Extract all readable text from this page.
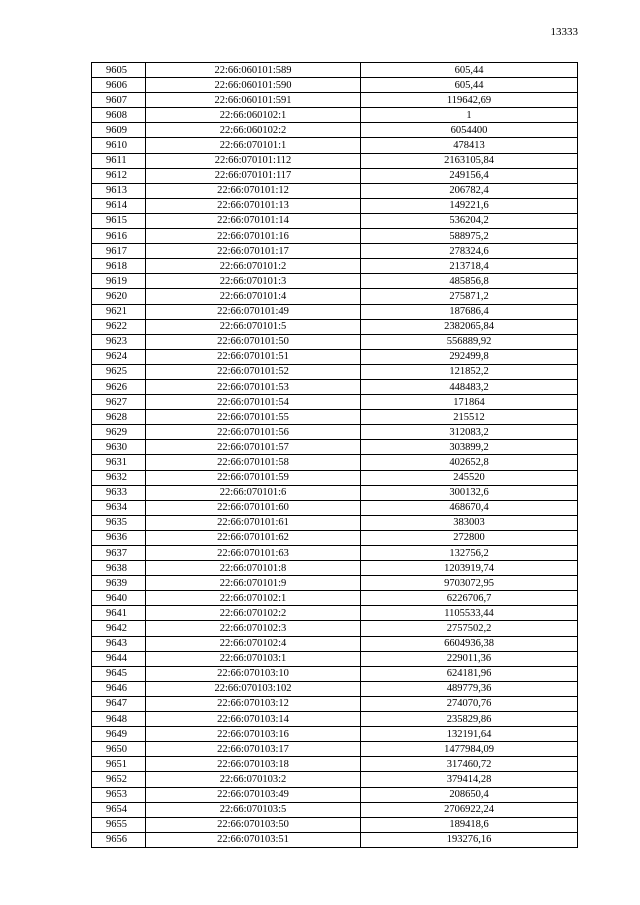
13333
9605	22:66:060101:589	605,44
9606	22:66:060101:590	605,44
9607	22:66:060101:591	119642,69
9608	22:66:060102:1	1
9609	22:66:060102:2	6054400
9610	22:66:070101:1	478413
9611	22:66:070101:112	2163105,84
9612	22:66:070101:117	249156,4
9613	22:66:070101:12	206782,4
9614	22:66:070101:13	149221,6
9615	22:66:070101:14	536204,2
9616	22:66:070101:16	588975,2
9617	22:66:070101:17	278324,6
9618	22:66:070101:2	213718,4
9619	22:66:070101:3	485856,8
9620	22:66:070101:4	275871,2
9621	22:66:070101:49	187686,4
9622	22:66:070101:5	2382065,84
9623	22:66:070101:50	556889,92
9624	22:66:070101:51	292499,8
9625	22:66:070101:52	121852,2
9626	22:66:070101:53	448483,2
9627	22:66:070101:54	171864
9628	22:66:070101:55	215512
9629	22:66:070101:56	312083,2
9630	22:66:070101:57	303899,2
9631	22:66:070101:58	402652,8
9632	22:66:070101:59	245520
9633	22:66:070101:6	300132,6
9634	22:66:070101:60	468670,4
9635	22:66:070101:61	383003
9636	22:66:070101:62	272800
9637	22:66:070101:63	132756,2
9638	22:66:070101:8	1203919,74
9639	22:66:070101:9	9703072,95
9640	22:66:070102:1	6226706,7
9641	22:66:070102:2	1105533,44
9642	22:66:070102:3	2757502,2
9643	22:66:070102:4	6604936,38
9644	22:66:070103:1	229011,36
9645	22:66:070103:10	624181,96
9646	22:66:070103:102	489779,36
9647	22:66:070103:12	274070,76
9648	22:66:070103:14	235829,86
9649	22:66:070103:16	132191,64
9650	22:66:070103:17	1477984,09
9651	22:66:070103:18	317460,72
9652	22:66:070103:2	379414,28
9653	22:66:070103:49	208650,4
9654	22:66:070103:5	2706922,24
9655	22:66:070103:50	189418,6
9656	22:66:070103:51	193276,16
